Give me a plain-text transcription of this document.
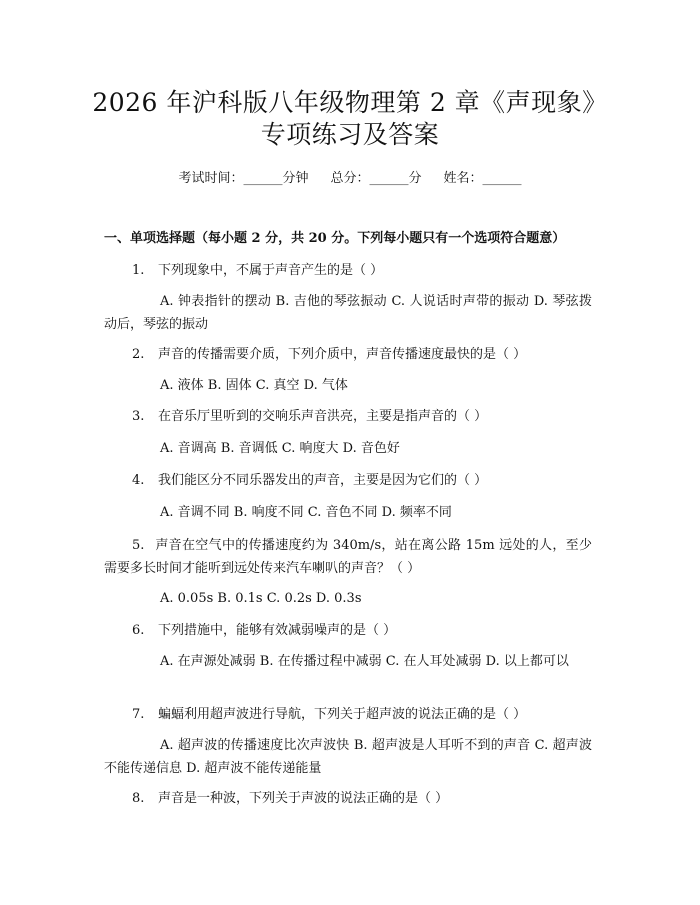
2026 年沪科版八年级物理第 2 章《声现象》
专项练习及答案
考试时间：______分钟 总分：______分 姓名：______
一、单项选择题（每小题 2 分，共 20 分。下列每小题只有一个选项符合题意）
1. 下列现象中，不属于声音产生的是（ ）
A. 钟表指针的摆动 B. 吉他的琴弦振动 C. 人说话时声带的振动 D. 琴弦拨动后，琴弦的振动
2. 声音的传播需要介质，下列介质中，声音传播速度最快的是（ ）
A. 液体 B. 固体 C. 真空 D. 气体
3. 在音乐厅里听到的交响乐声音洪亮，主要是指声音的（ ）
A. 音调高 B. 音调低 C. 响度大 D. 音色好
4. 我们能区分不同乐器发出的声音，主要是因为它们的（ ）
A. 音调不同 B. 响度不同 C. 音色不同 D. 频率不同
5.  声音在空气中的传播速度约为 340m/s，站在离公路 15m 远处的人，至少需要多长时间才能听到远处传来汽车喇叭的声音？（ ）
A. 0.05s B. 0.1s C. 0.2s D. 0.3s
6. 下列措施中，能够有效减弱噪声的是（ ）
A. 在声源处减弱 B. 在传播过程中减弱 C. 在人耳处减弱 D. 以上都可以
7. 蝙蝠利用超声波进行导航，下列关于超声波的说法正确的是（ ）
A. 超声波的传播速度比次声波快 B. 超声波是人耳听不到的声音 C. 超声波不能传递信息 D. 超声波不能传递能量
8. 声音是一种波，下列关于声波的说法正确的是（ ）
